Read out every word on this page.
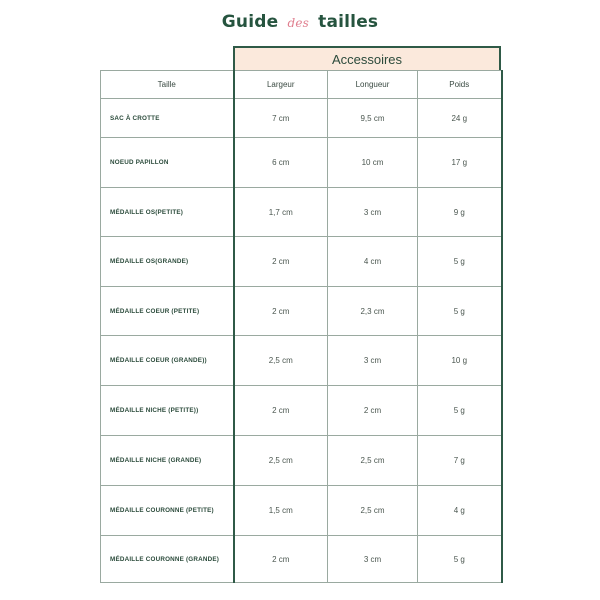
Guide des tailles
Accessoires
Taille	Largeur	Longueur	Poids
SAC À CROTTE	7 cm	9,5 cm	24 g
NOEUD PAPILLON	6 cm	10 cm	17 g
MÉDAILLE OS(PETITE)	1,7 cm	3 cm	9 g
MÉDAILLE OS(GRANDE)	2 cm	4 cm	5 g
MÉDAILLE COEUR (PETITE)	2 cm	2,3 cm	5 g
MÉDAILLE COEUR (GRANDE))	2,5 cm	3 cm	10 g
MÉDAILLE NICHE (PETITE))	2 cm	2 cm	5 g
MÉDAILLE NICHE (GRANDE)	2,5 cm	2,5 cm	7 g
MÉDAILLE COURONNE (PETITE)	1,5 cm	2,5 cm	4 g
MÉDAILLE COURONNE (GRANDE)	2 cm	3 cm	5 g
